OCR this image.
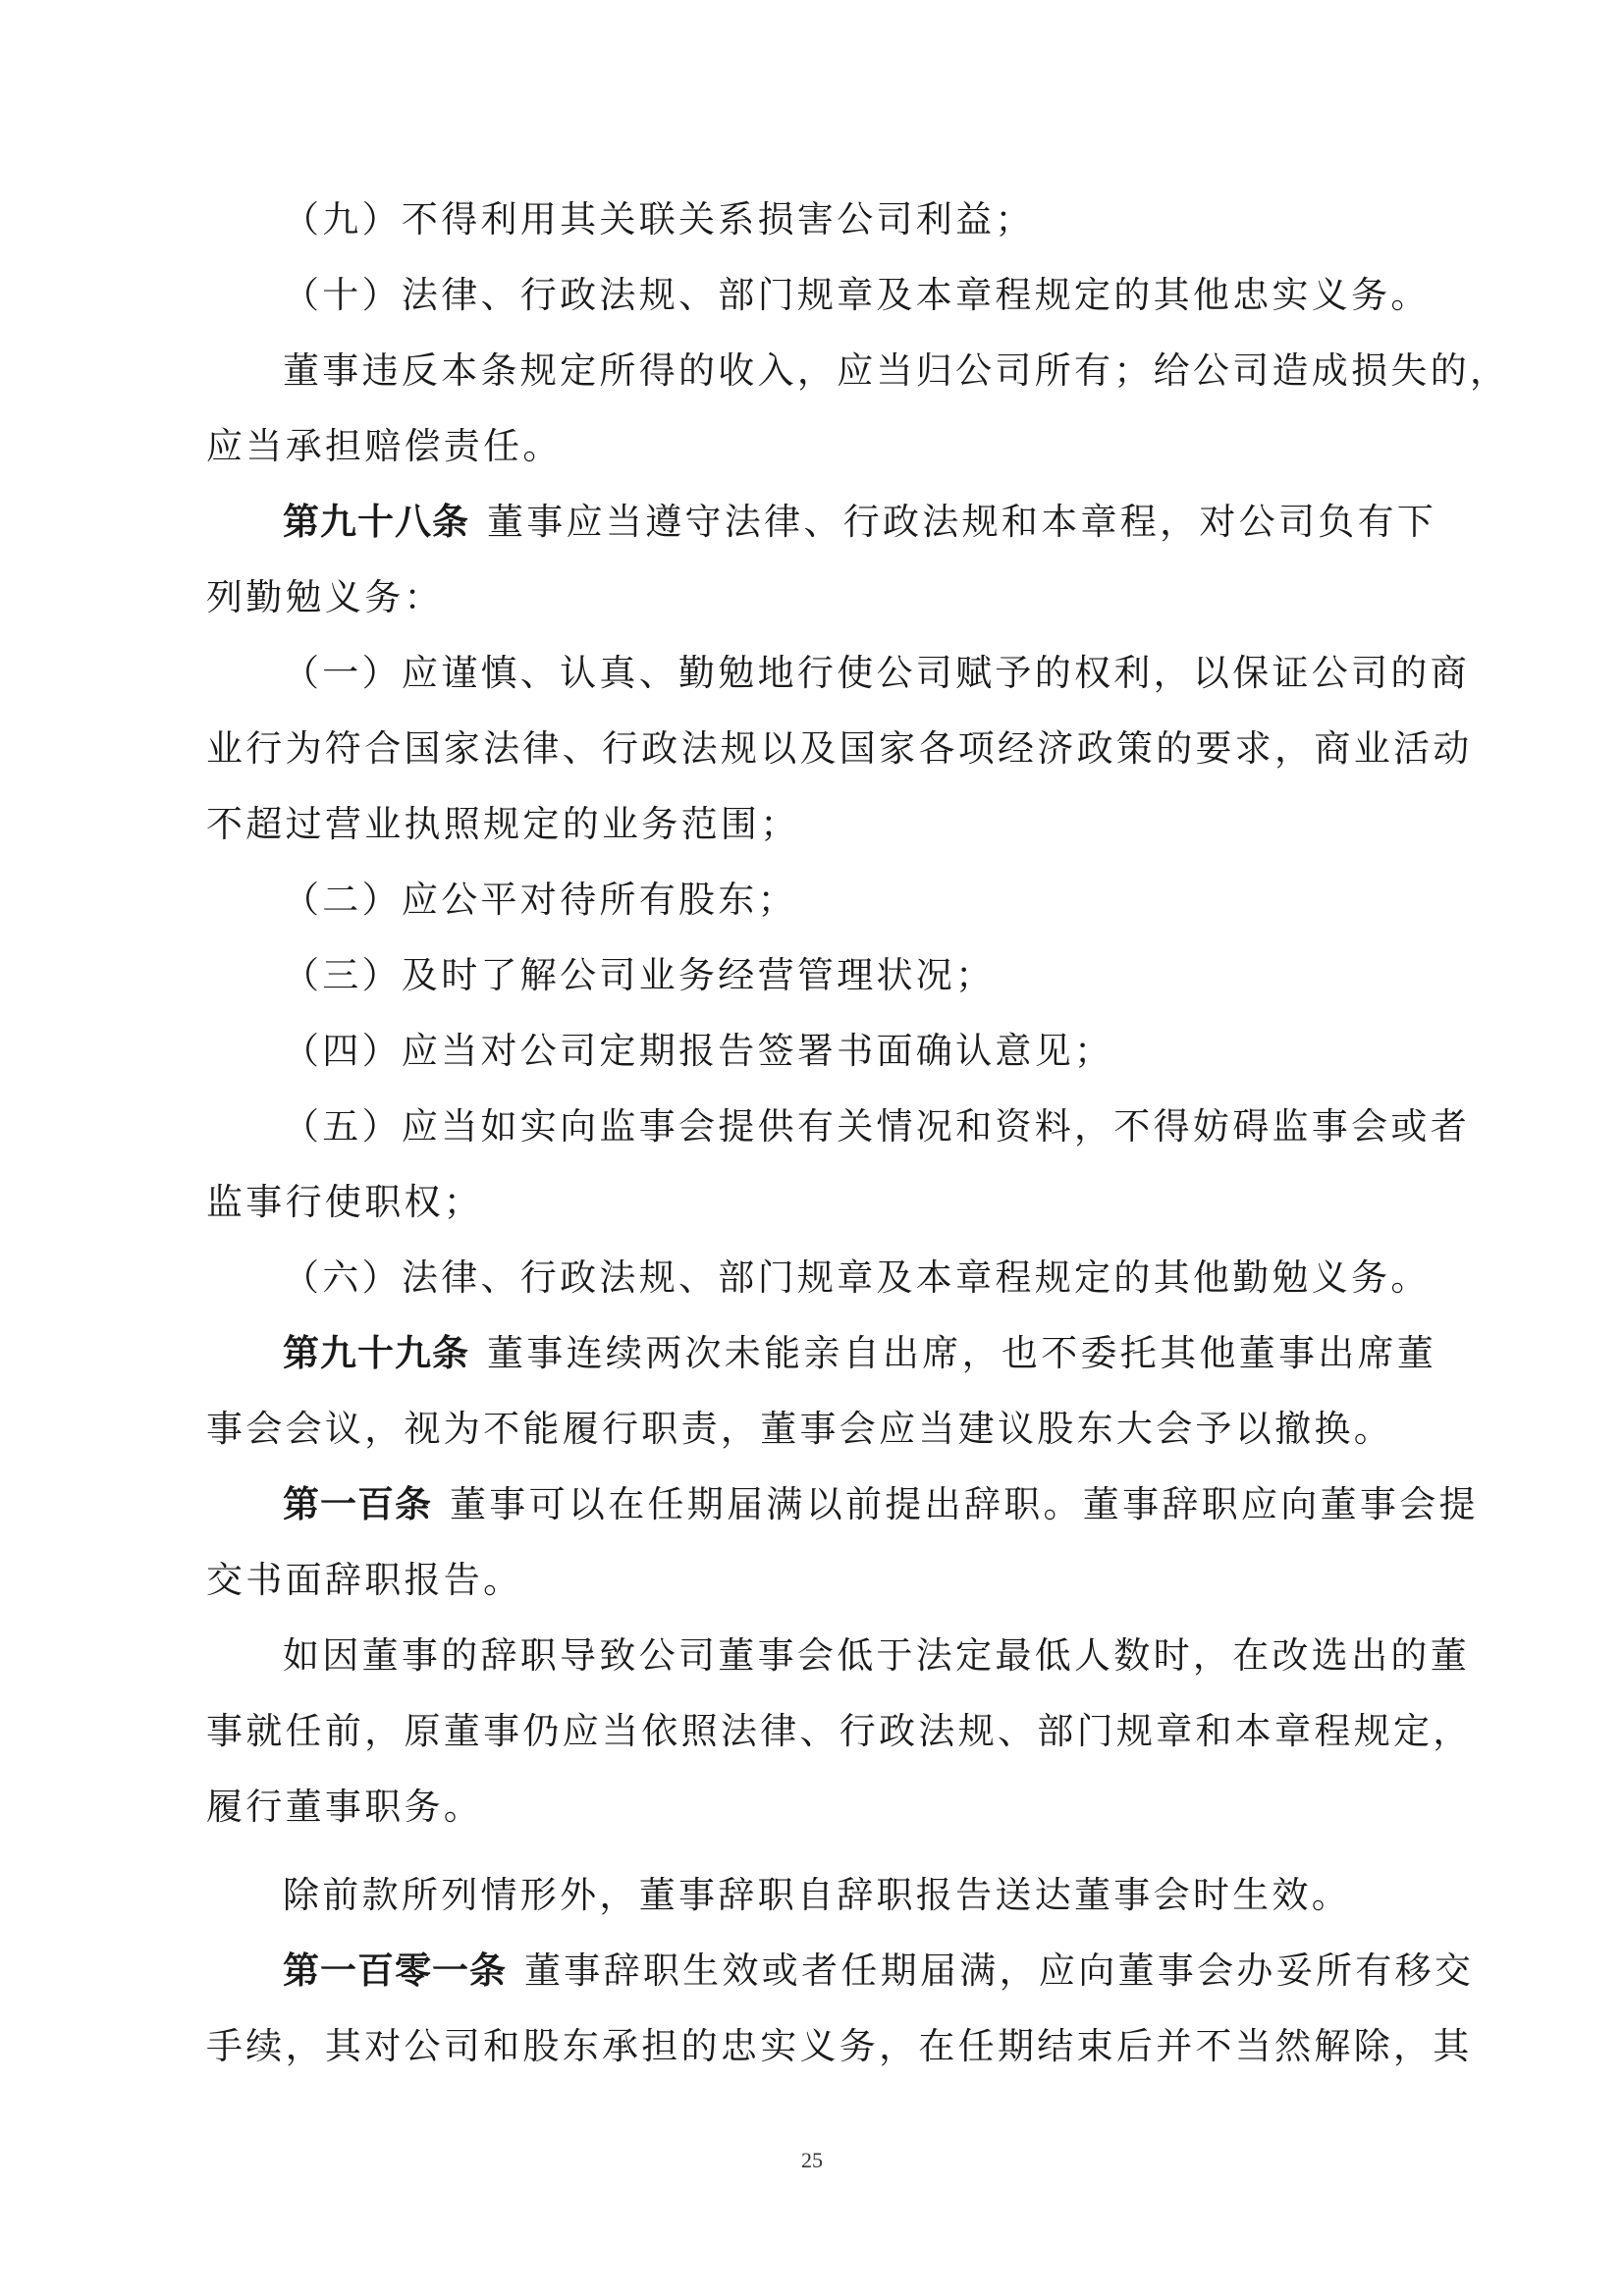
（九）不得利用其关联关系损害公司利益；
（十）法律、行政法规、部门规章及本章程规定的其他忠实义务。
董事违反本条规定所得的收入，应当归公司所有；给公司造成损失的，
应当承担赔偿责任。
第九十八条 董事应当遵守法律、行政法规和本章程，对公司负有下
列勤勉义务：
（一）应谨慎、认真、勤勉地行使公司赋予的权利，以保证公司的商
业行为符合国家法律、行政法规以及国家各项经济政策的要求，商业活动
不超过营业执照规定的业务范围；
（二）应公平对待所有股东；
（三）及时了解公司业务经营管理状况；
（四）应当对公司定期报告签署书面确认意见；
（五）应当如实向监事会提供有关情况和资料，不得妨碍监事会或者
监事行使职权；
（六）法律、行政法规、部门规章及本章程规定的其他勤勉义务。
第九十九条 董事连续两次未能亲自出席，也不委托其他董事出席董
事会会议，视为不能履行职责，董事会应当建议股东大会予以撤换。
第一百条 董事可以在任期届满以前提出辞职。董事辞职应向董事会提
交书面辞职报告。
如因董事的辞职导致公司董事会低于法定最低人数时，在改选出的董
事就任前，原董事仍应当依照法律、行政法规、部门规章和本章程规定，
履行董事职务。
除前款所列情形外，董事辞职自辞职报告送达董事会时生效。
第一百零一条 董事辞职生效或者任期届满，应向董事会办妥所有移交
手续，其对公司和股东承担的忠实义务，在任期结束后并不当然解除，其
25
